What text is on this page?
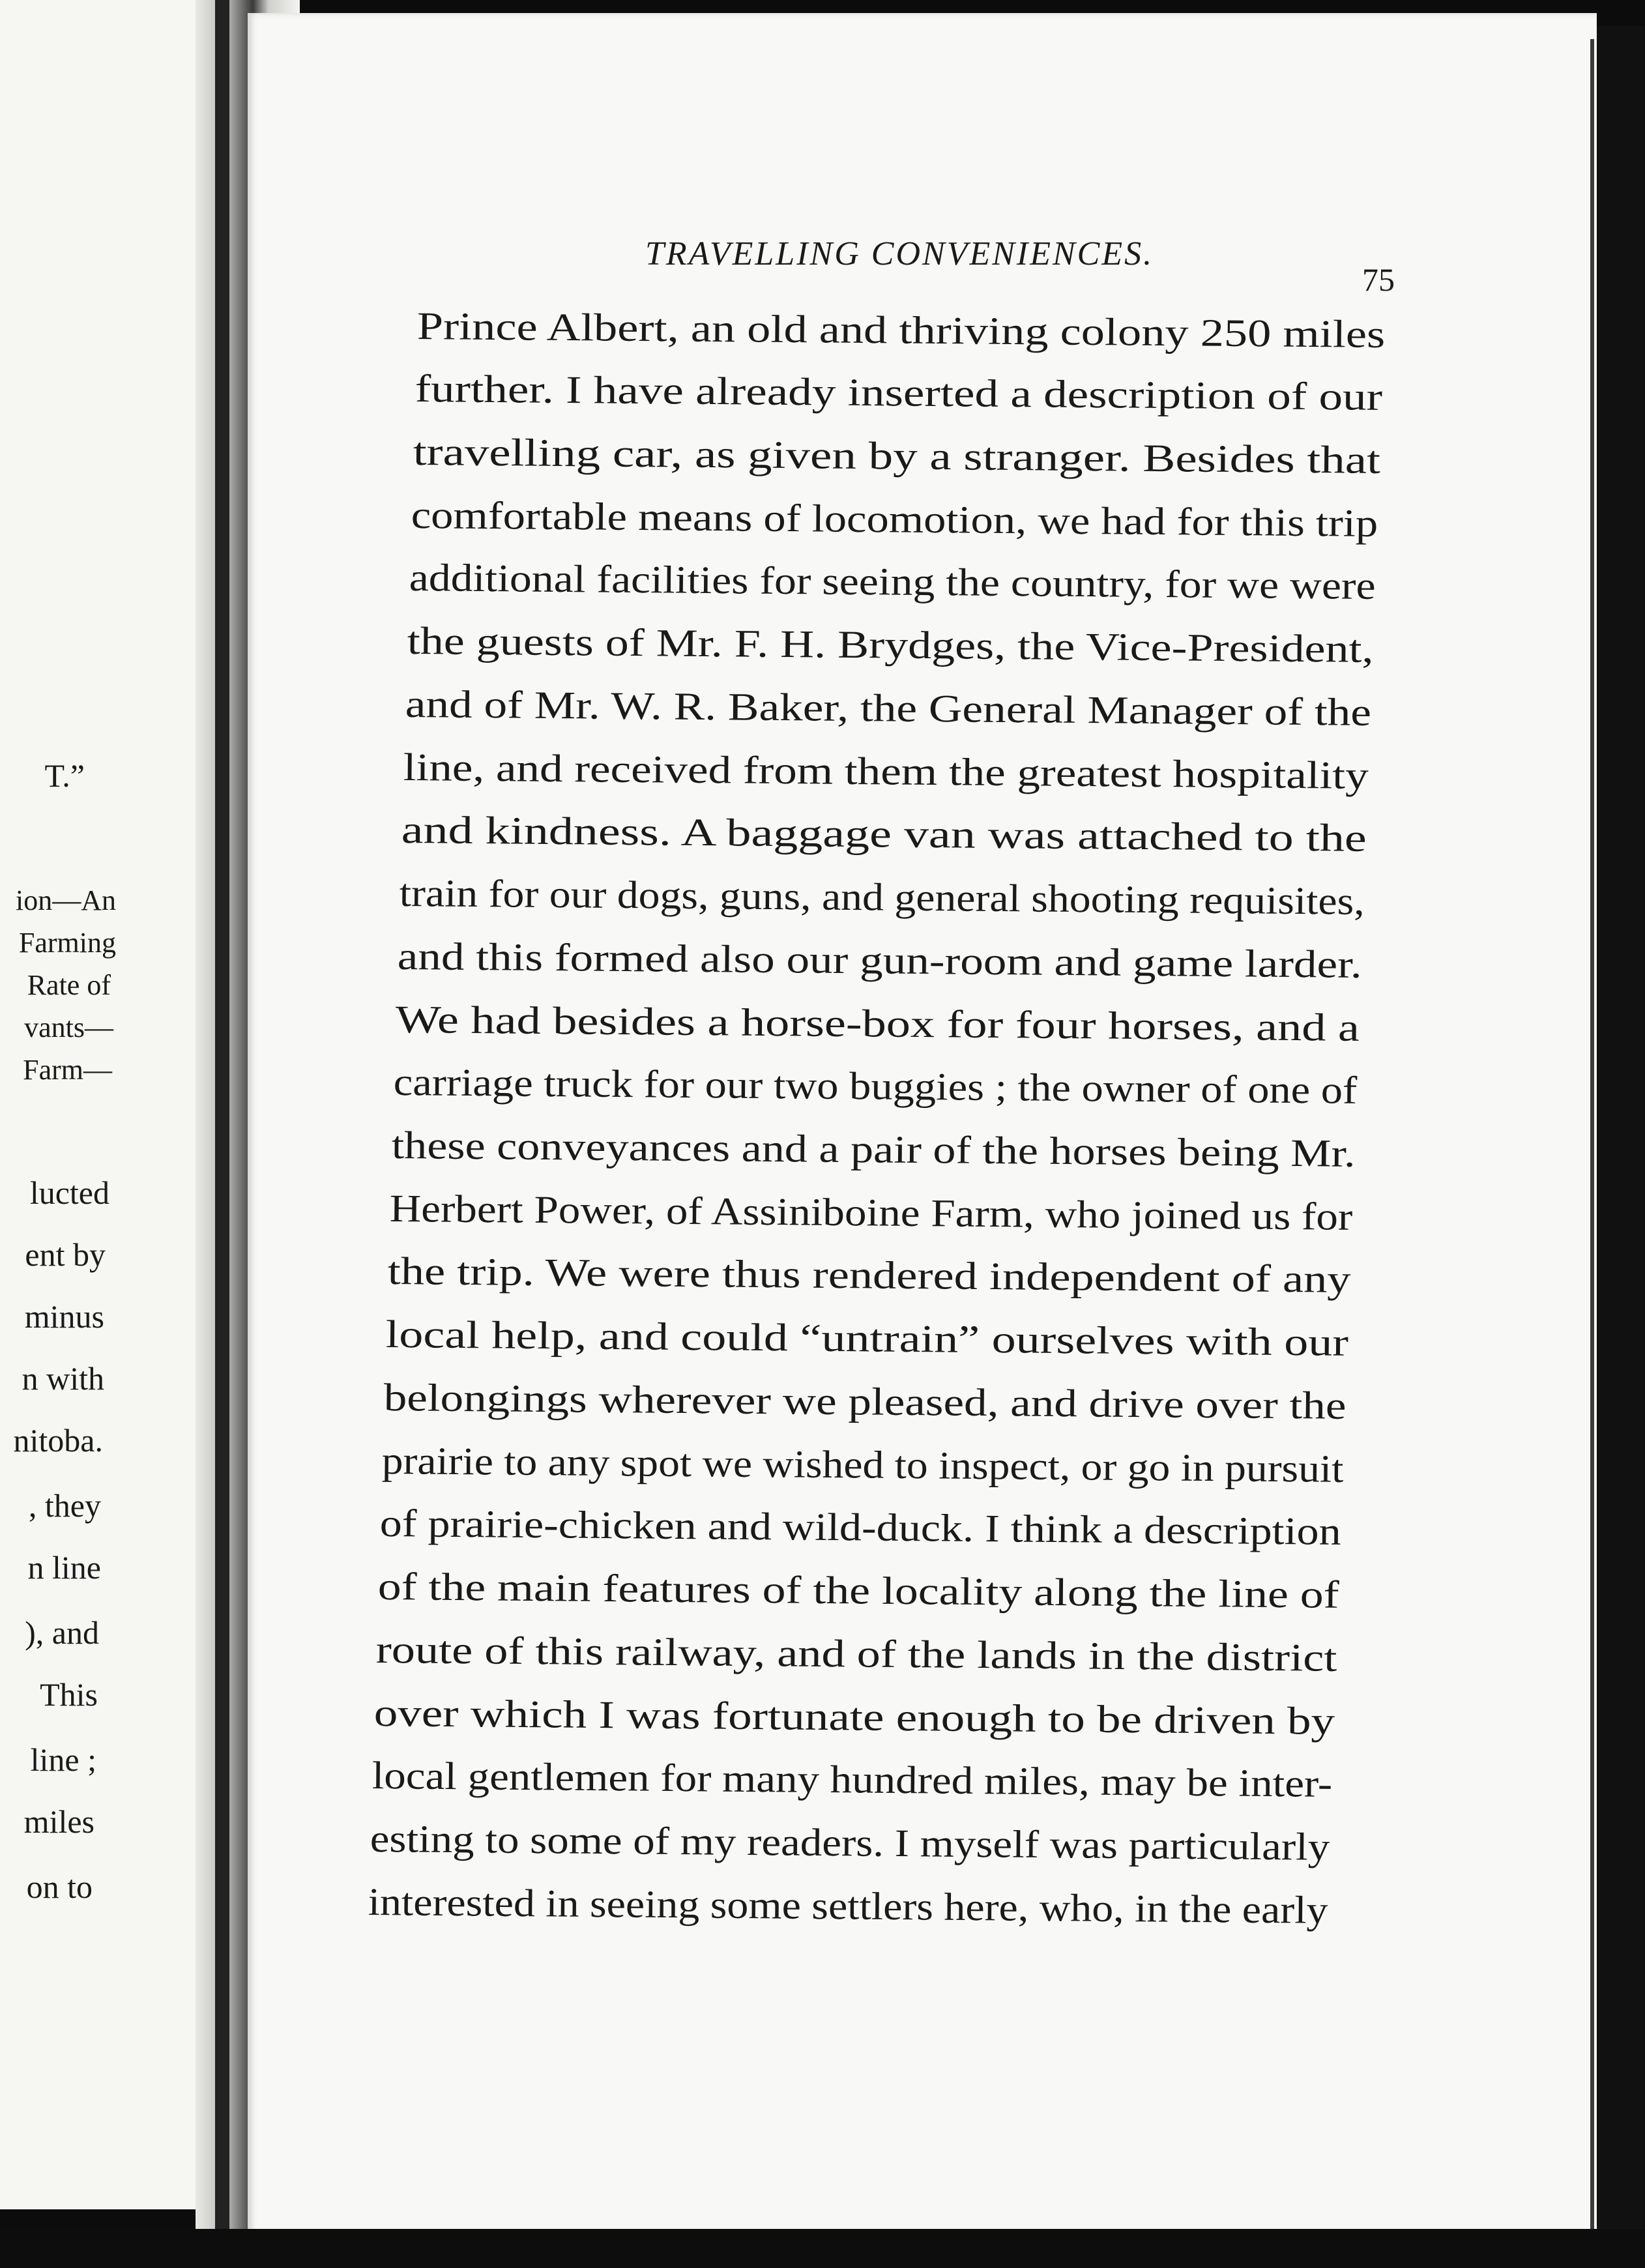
T.”
ion—An
Farming
Rate of
vants—
Farm—
lucted
ent by
minus
n with
nitoba.
, they
n line
), and
This
line ;
miles
on to
TRAVELLING CONVENIENCES.
75
Prince Albert, an old and thriving colony 250 miles
further. I have already inserted a description of our
travelling car, as given by a stranger. Besides that
comfortable means of locomotion, we had for this trip
additional facilities for seeing the country, for we were
the guests of Mr. F. H. Brydges, the Vice-President,
and of Mr. W. R. Baker, the General Manager of the
line, and received from them the greatest hospitality
and kindness. A baggage van was attached to the
train for our dogs, guns, and general shooting requisites,
and this formed also our gun-room and game larder.
We had besides a horse-box for four horses, and a
carriage truck for our two buggies ; the owner of one of
these conveyances and a pair of the horses being Mr.
Herbert Power, of Assiniboine Farm, who joined us for
the trip. We were thus rendered independent of any
local help, and could “untrain” ourselves with our
belongings wherever we pleased, and drive over the
prairie to any spot we wished to inspect, or go in pursuit
of prairie-chicken and wild-duck. I think a description
of the main features of the locality along the line of
route of this railway, and of the lands in the district
over which I was fortunate enough to be driven by
local gentlemen for many hundred miles, may be inter-
esting to some of my readers. I myself was particularly
interested in seeing some settlers here, who, in the early
